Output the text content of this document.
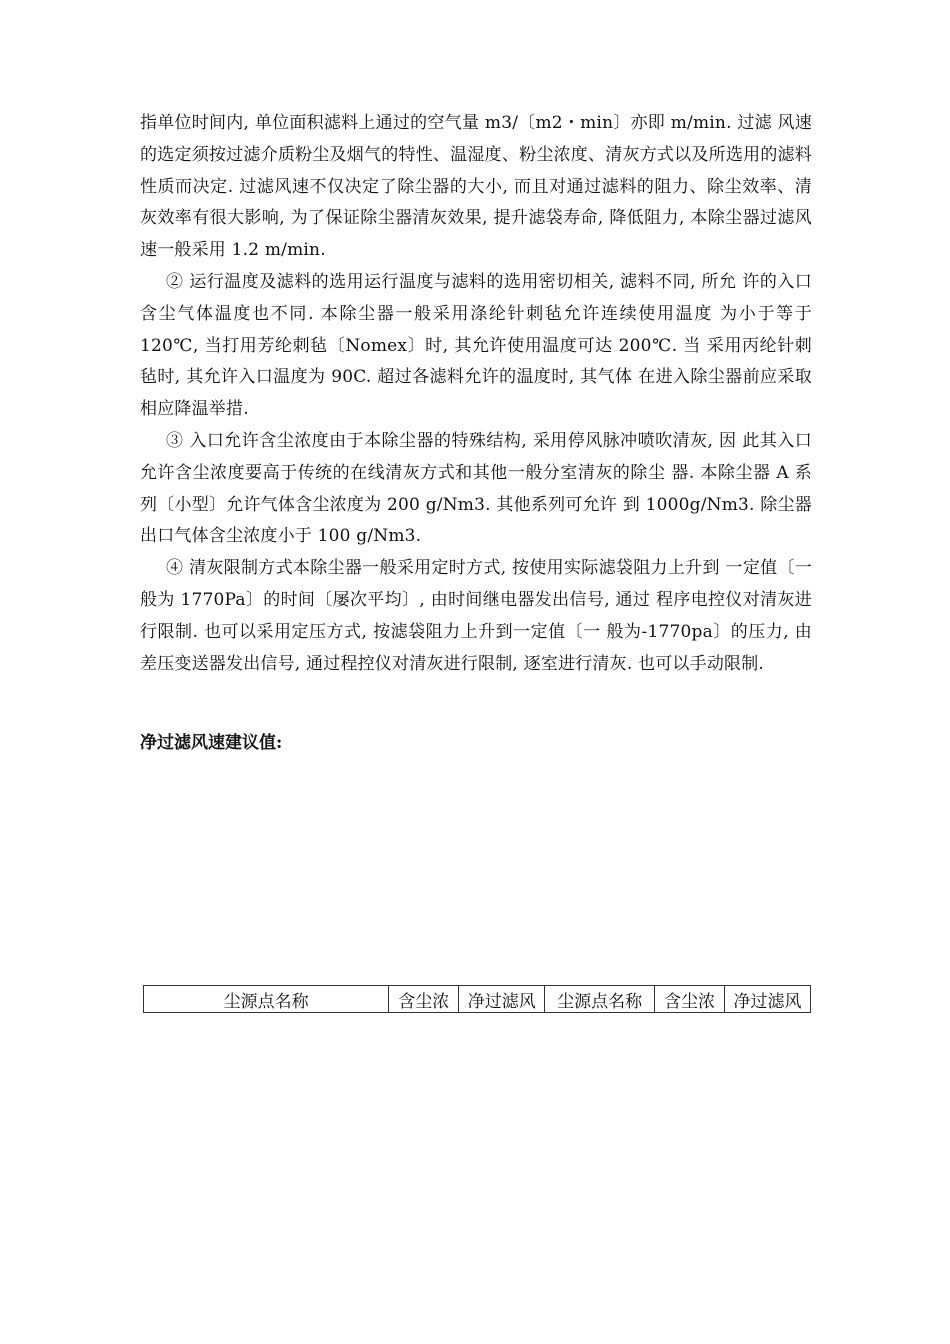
指单位时间内, 单位面积滤料上通过的空气量 m3/〔m2・min〕亦即 m/min. 过滤 风速的选定须按过滤介质粉尘及烟气的特性、温湿度、粉尘浓度、清灰方式以及所选用的滤料性质而决定. 过滤风速不仅决定了除尘器的大小, 而且对通过滤料的阻力、除尘效率、清灰效率有很大影响, 为了保证除尘器清灰效果, 提升滤袋寿命, 降低阻力, 本除尘器过滤风速一般采用 1.2 m/min.

② 运行温度及滤料的选用运行温度与滤料的选用密切相关, 滤料不同, 所允 许的入口含尘气体温度也不同. 本除尘器一般采用涤纶针刺毡允许连续使用温度 为小于等于 120℃, 当打用芳纶刺毡〔Nomex〕时, 其允许使用温度可达 200℃. 当 采用丙纶针刺毡时, 其允许入口温度为 90C. 超过各滤料允许的温度时, 其气体 在进入除尘器前应采取相应降温举措.

③ 入口允许含尘浓度由于本除尘器的特殊结构, 采用停风脉冲喷吹清灰, 因 此其入口允许含尘浓度要高于传统的在线清灰方式和其他一般分室清灰的除尘 器. 本除尘器 A 系列〔小型〕允许气体含尘浓度为 200 g/Nm3. 其他系列可允许 到 1000g/Nm3. 除尘器出口气体含尘浓度小于 100 g/Nm3.

④ 清灰限制方式本除尘器一般采用定时方式, 按使用实际滤袋阻力上升到 一定值〔一般为 1770Pa〕的时间〔屡次平均〕, 由时间继电器发出信号, 通过 程序电控仪对清灰进行限制. 也可以采用定压方式, 按滤袋阻力上升到一定值〔一 般为-1770pa〕的压力, 由差压变送器发出信号, 通过程控仪对清灰进行限制, 逐室进行清灰. 也可以手动限制.

净过滤风速建议值:

尘源点名称	含尘浓	净过滤风	尘源点名称	含尘浓	净过滤风
